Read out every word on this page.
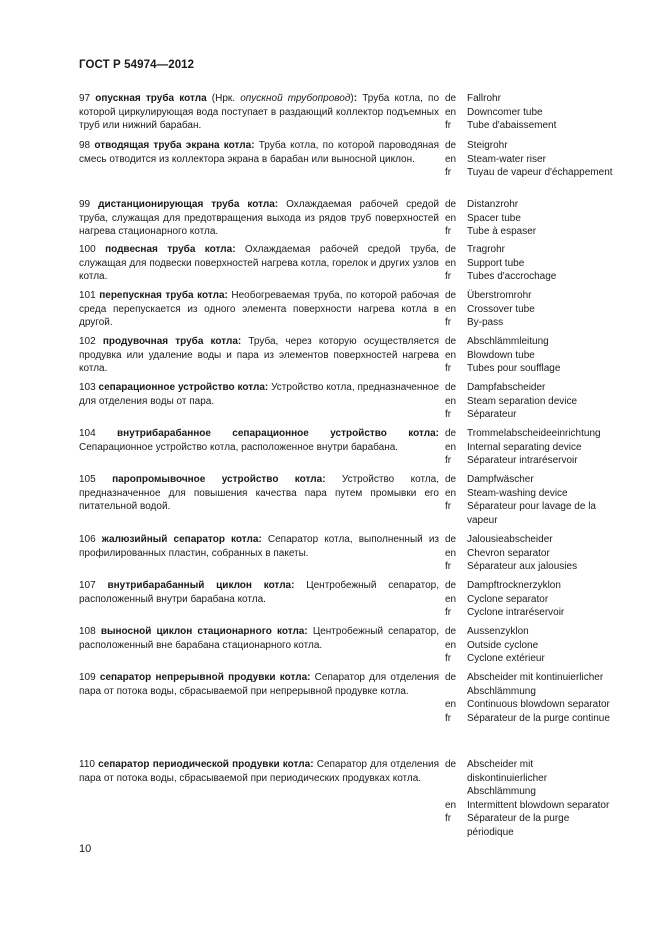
ГОСТ Р 54974—2012
97 опускная труба котла (Нрк. опускной трубопровод): Труба котла, по которой циркулирующая вода поступает в раздающий коллектор подъемных труб или нижний барабан.
de	Fallrohr
en	Downcomer tube
fr	Tube d'abaissement
98 отводящая труба экрана котла: Труба котла, по которой пароводяная смесь отводится из коллектора экрана в барабан или выносной циклон.
de	Steigrohr
en	Steam-water riser
fr	Tuyau de vapeur d'échappement
99 дистанционирующая труба котла: Охлаждаемая рабочей средой труба, служащая для предотвращения выхода из рядов труб поверхностей нагрева стационарного котла.
de	Distanzrohr
en	Spacer tube
fr	Tube à espaser
100 подвесная труба котла: Охлаждаемая рабочей средой труба, служащая для подвески поверхностей нагрева котла, горелок и других узлов котла.
de	Tragrohr
en	Support tube
fr	Tubes d'accrochage
101 перепускная труба котла: Необогреваемая труба, по которой рабочая среда перепускается из одного элемента поверхности нагрева котла в другой.
de	Überstromrohr
en	Crossover tube
fr	By-pass
102 продувочная труба котла: Труба, через которую осуществляется продувка или удаление воды и пара из элементов поверхностей нагрева котла.
de	Abschlämmleitung
en	Blowdown tube
fr	Tubes pour soufflage
103 сепарационное устройство котла: Устройство котла, предназначенное для отделения воды от пара.
de	Dampfabscheider
en	Steam separation device
fr	Séparateur
104 внутрибарабанное сепарационное устройство котла: Сепарационное устройство котла, расположенное внутри барабана.
de	Trommelabscheideeinrichtung
en	Internal separating device
fr	Séparateur intraréservoir
105 паропромывочное устройство котла: Устройство котла, предназначенное для повышения качества пара путем промывки его питательной водой.
de	Dampfwäscher
en	Steam-washing device
fr	Séparateur pour lavage de la vapeur
106 жалюзийный сепаратор котла: Сепаратор котла, выполненный из профилированных пластин, собранных в пакеты.
de	Jalousieabscheider
en	Chevron separator
fr	Séparateur aux jalousies
107 внутрибарабанный циклон котла: Центробежный сепаратор, расположенный внутри барабана котла.
de	Dampftrocknerzyklon
en	Cyclone separator
fr	Cyclone intraréservoir
108 выносной циклон стационарного котла: Центробежный сепаратор, расположенный вне барабана стационарного котла.
de	Aussenzyklon
en	Outside cyclone
fr	Cyclone extérieur
109 сепаратор непрерывной продувки котла: Сепаратор для отделения пара от потока воды, сбрасываемой при непрерывной продувке котла.
de	Abscheider mit kontinuierlicher Abschlämmung
en	Continuous blowdown separator
fr	Séparateur de la purge continue
110 сепаратор периодической продувки котла: Сепаратор для отделения пара от потока воды, сбрасываемой при периодических продувках котла.
de	Abscheider mit diskontinuierlicher Abschlämmung
en	Intermittent blowdown separator
fr	Séparateur de la purge périodique
10
